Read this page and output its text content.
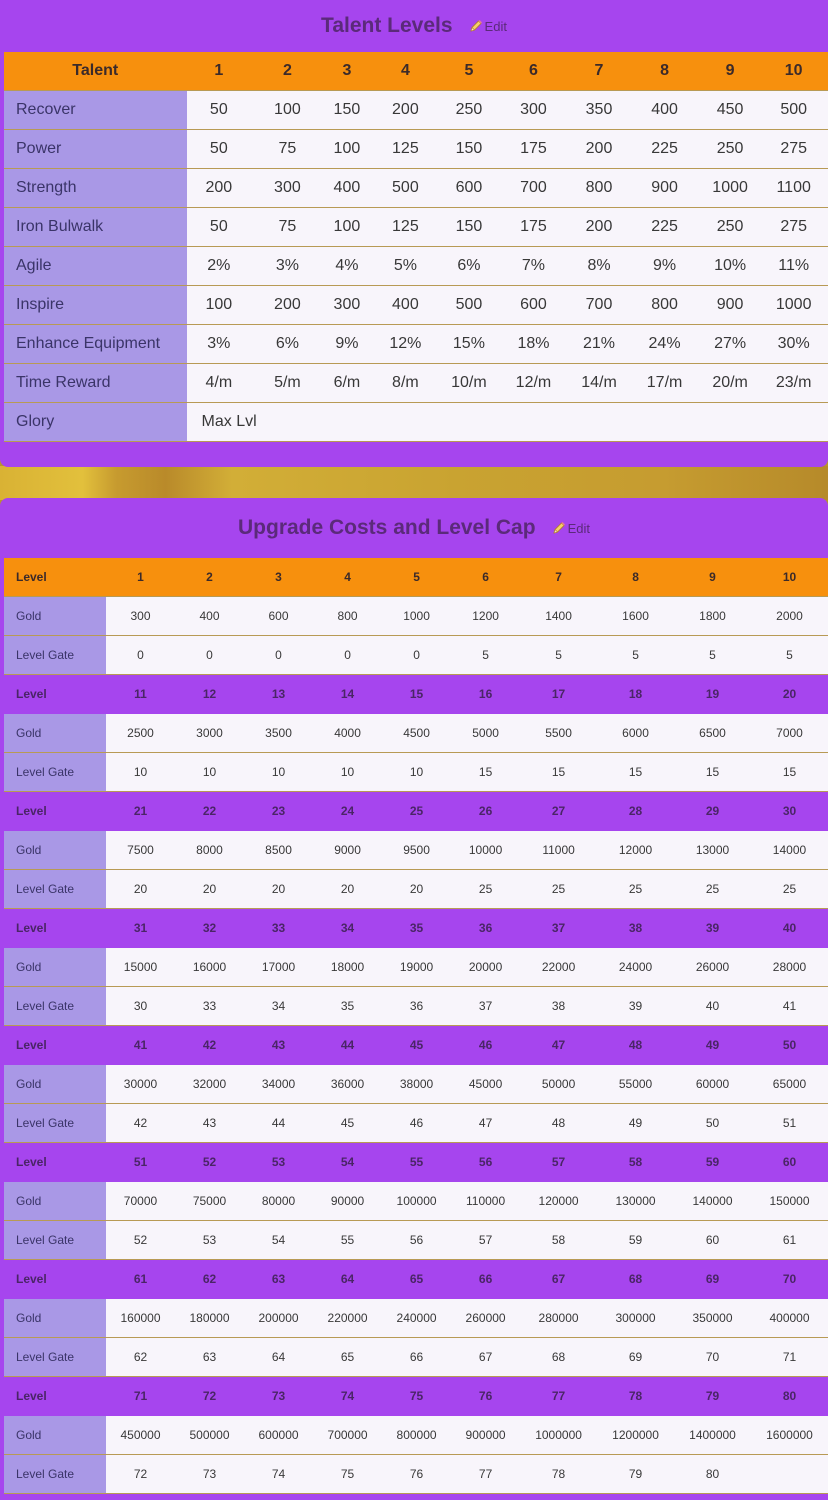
Talent Levels Edit
Talent	1	2	3	4	5	6	7	8	9	10
Recover	50	100	150	200	250	300	350	400	450	500
Power	50	75	100	125	150	175	200	225	250	275
Strength	200	300	400	500	600	700	800	900	1000	1100
Iron Bulwalk	50	75	100	125	150	175	200	225	250	275
Agile	2%	3%	4%	5%	6%	7%	8%	9%	10%	11%
Inspire	100	200	300	400	500	600	700	800	900	1000
Enhance Equipment	3%	6%	9%	12%	15%	18%	21%	24%	27%	30%
Time Reward	4/m	5/m	6/m	8/m	10/m	12/m	14/m	17/m	20/m	23/m
Glory	Max Lvl									
Upgrade Costs and Level Cap Edit
Level	1	2	3	4	5	6	7	8	9	10
Gold	300	400	600	800	1000	1200	1400	1600	1800	2000
Level Gate	0	0	0	0	0	5	5	5	5	5
Level	11	12	13	14	15	16	17	18	19	20
Gold	2500	3000	3500	4000	4500	5000	5500	6000	6500	7000
Level Gate	10	10	10	10	10	15	15	15	15	15
Level	21	22	23	24	25	26	27	28	29	30
Gold	7500	8000	8500	9000	9500	10000	11000	12000	13000	14000
Level Gate	20	20	20	20	20	25	25	25	25	25
Level	31	32	33	34	35	36	37	38	39	40
Gold	15000	16000	17000	18000	19000	20000	22000	24000	26000	28000
Level Gate	30	33	34	35	36	37	38	39	40	41
Level	41	42	43	44	45	46	47	48	49	50
Gold	30000	32000	34000	36000	38000	45000	50000	55000	60000	65000
Level Gate	42	43	44	45	46	47	48	49	50	51
Level	51	52	53	54	55	56	57	58	59	60
Gold	70000	75000	80000	90000	100000	110000	120000	130000	140000	150000
Level Gate	52	53	54	55	56	57	58	59	60	61
Level	61	62	63	64	65	66	67	68	69	70
Gold	160000	180000	200000	220000	240000	260000	280000	300000	350000	400000
Level Gate	62	63	64	65	66	67	68	69	70	71
Level	71	72	73	74	75	76	77	78	79	80
Gold	450000	500000	600000	700000	800000	900000	1000000	1200000	1400000	1600000
Level Gate	72	73	74	75	76	77	78	79	80	
